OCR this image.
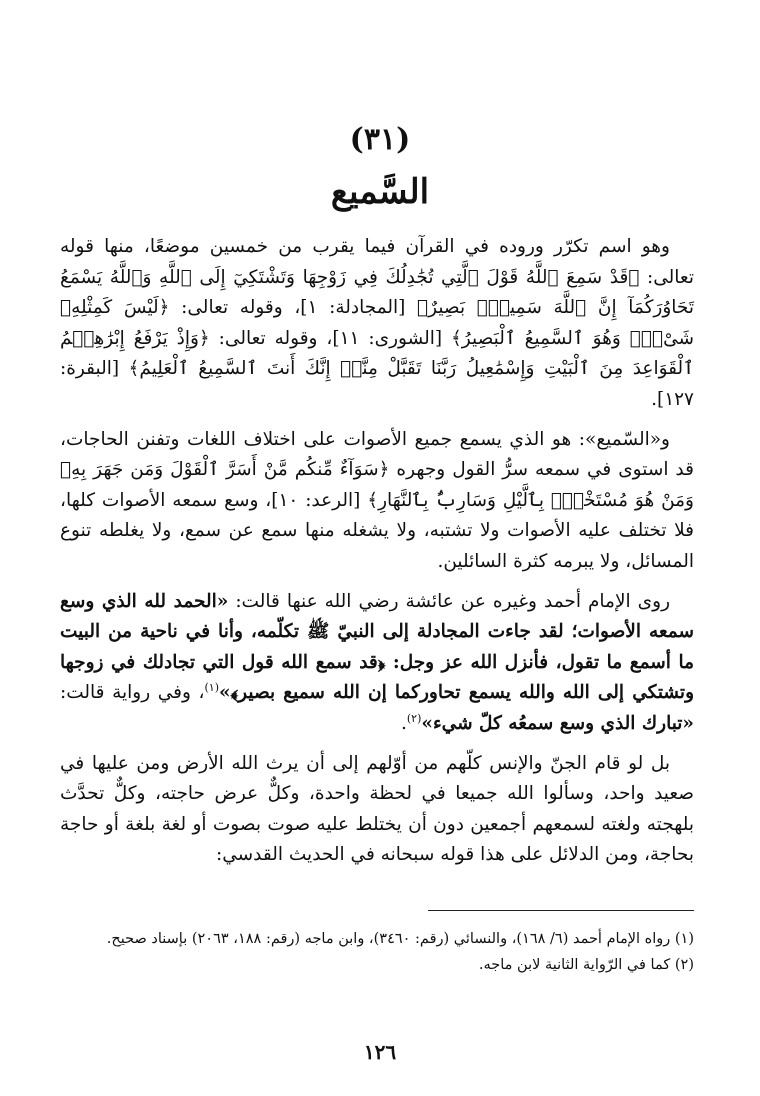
(٣١)
السَّميع

وهو اسم تكرّر وروده في القرآن فيما يقرب من خمسين موضعًا، منها قوله تعالى: ﴿قَدْ سَمِعَ ٱللَّهُ قَوْلَ ٱلَّتِي تُجَٰدِلُكَ فِي زَوْجِهَا وَتَشْتَكِيٓ إِلَى ٱللَّهِ وَٱللَّهُ يَسْمَعُ تَحَاوُرَكُمَآ إِنَّ ٱللَّهَ سَمِيعٌۢ بَصِيرٌ﴾ [المجادلة: ١]، وقوله تعالى: ﴿لَيْسَ كَمِثْلِهِۦ شَىْءٌۖ وَهُوَ ٱلسَّمِيعُ ٱلْبَصِيرُ﴾ [الشورى: ١١]، وقوله تعالى: ﴿وَإِذْ يَرْفَعُ إِبْرَٰهِـۧمُ ٱلْقَوَاعِدَ مِنَ ٱلْبَيْتِ وَإِسْمَٰعِيلُ رَبَّنَا تَقَبَّلْ مِنَّآۖ إِنَّكَ أَنتَ ٱلسَّمِيعُ ٱلْعَلِيمُ﴾ [البقرة: ١٢٧].

و«السّميع»: هو الذي يسمع جميع الأصوات على اختلاف اللغات وتفنن الحاجات، قد استوى في سمعه سرُّ القول وجهره ﴿سَوَآءٌ مِّنكُم مَّنْ أَسَرَّ ٱلْقَوْلَ وَمَن جَهَرَ بِهِۦ وَمَنْ هُوَ مُسْتَخْفٍۭ بِٱلَّيْلِ وَسَارِبٌۢ بِٱلنَّهَارِ﴾ [الرعد: ١٠]، وسع سمعه الأصوات كلها، فلا تختلف عليه الأصوات ولا تشتبه، ولا يشغله منها سمع عن سمع، ولا يغلطه تنوع المسائل، ولا يبرمه كثرة السائلين.

روى الإمام أحمد وغيره عن عائشة رضي الله عنها قالت: «الحمد لله الذي وسع سمعه الأصوات؛ لقد جاءت المجادلة إلى النبيّ ﷺ تكلّمه، وأنا في ناحية من البيت ما أسمع ما تقول، فأنزل الله عز وجل: ﴿قد سمع الله قول التي تجادلك في زوجها وتشتكي إلى الله والله يسمع تحاوركما إن الله سميع بصير﴾»$^{(١)}$، وفي رواية قالت: «تبارك الذي وسع سمعُه كلّ شيء»$^{(٢)}$.

بل لو قام الجنّ والإنس كلّهم من أوّلهم إلى أن يرث الله الأرض ومن عليها في صعيد واحد، وسألوا الله جميعا في لحظة واحدة، وكلٌّ عرض حاجته، وكلٌّ تحدَّث بلهجته ولغته لسمعهم أجمعين دون أن يختلط عليه صوت بصوت أو لغة بلغة أو حاجة بحاجة، ومن الدلائل على هذا قوله سبحانه في الحديث القدسي:

(١) رواه الإمام أحمد (٦/ ١٦٨)، والنسائي (رقم: ٣٤٦٠)، وابن ماجه (رقم: ١٨٨، ٢٠٦٣) بإسناد صحيح.

(٢) كما في الرّواية الثانية لابن ماجه.

١٢٦
